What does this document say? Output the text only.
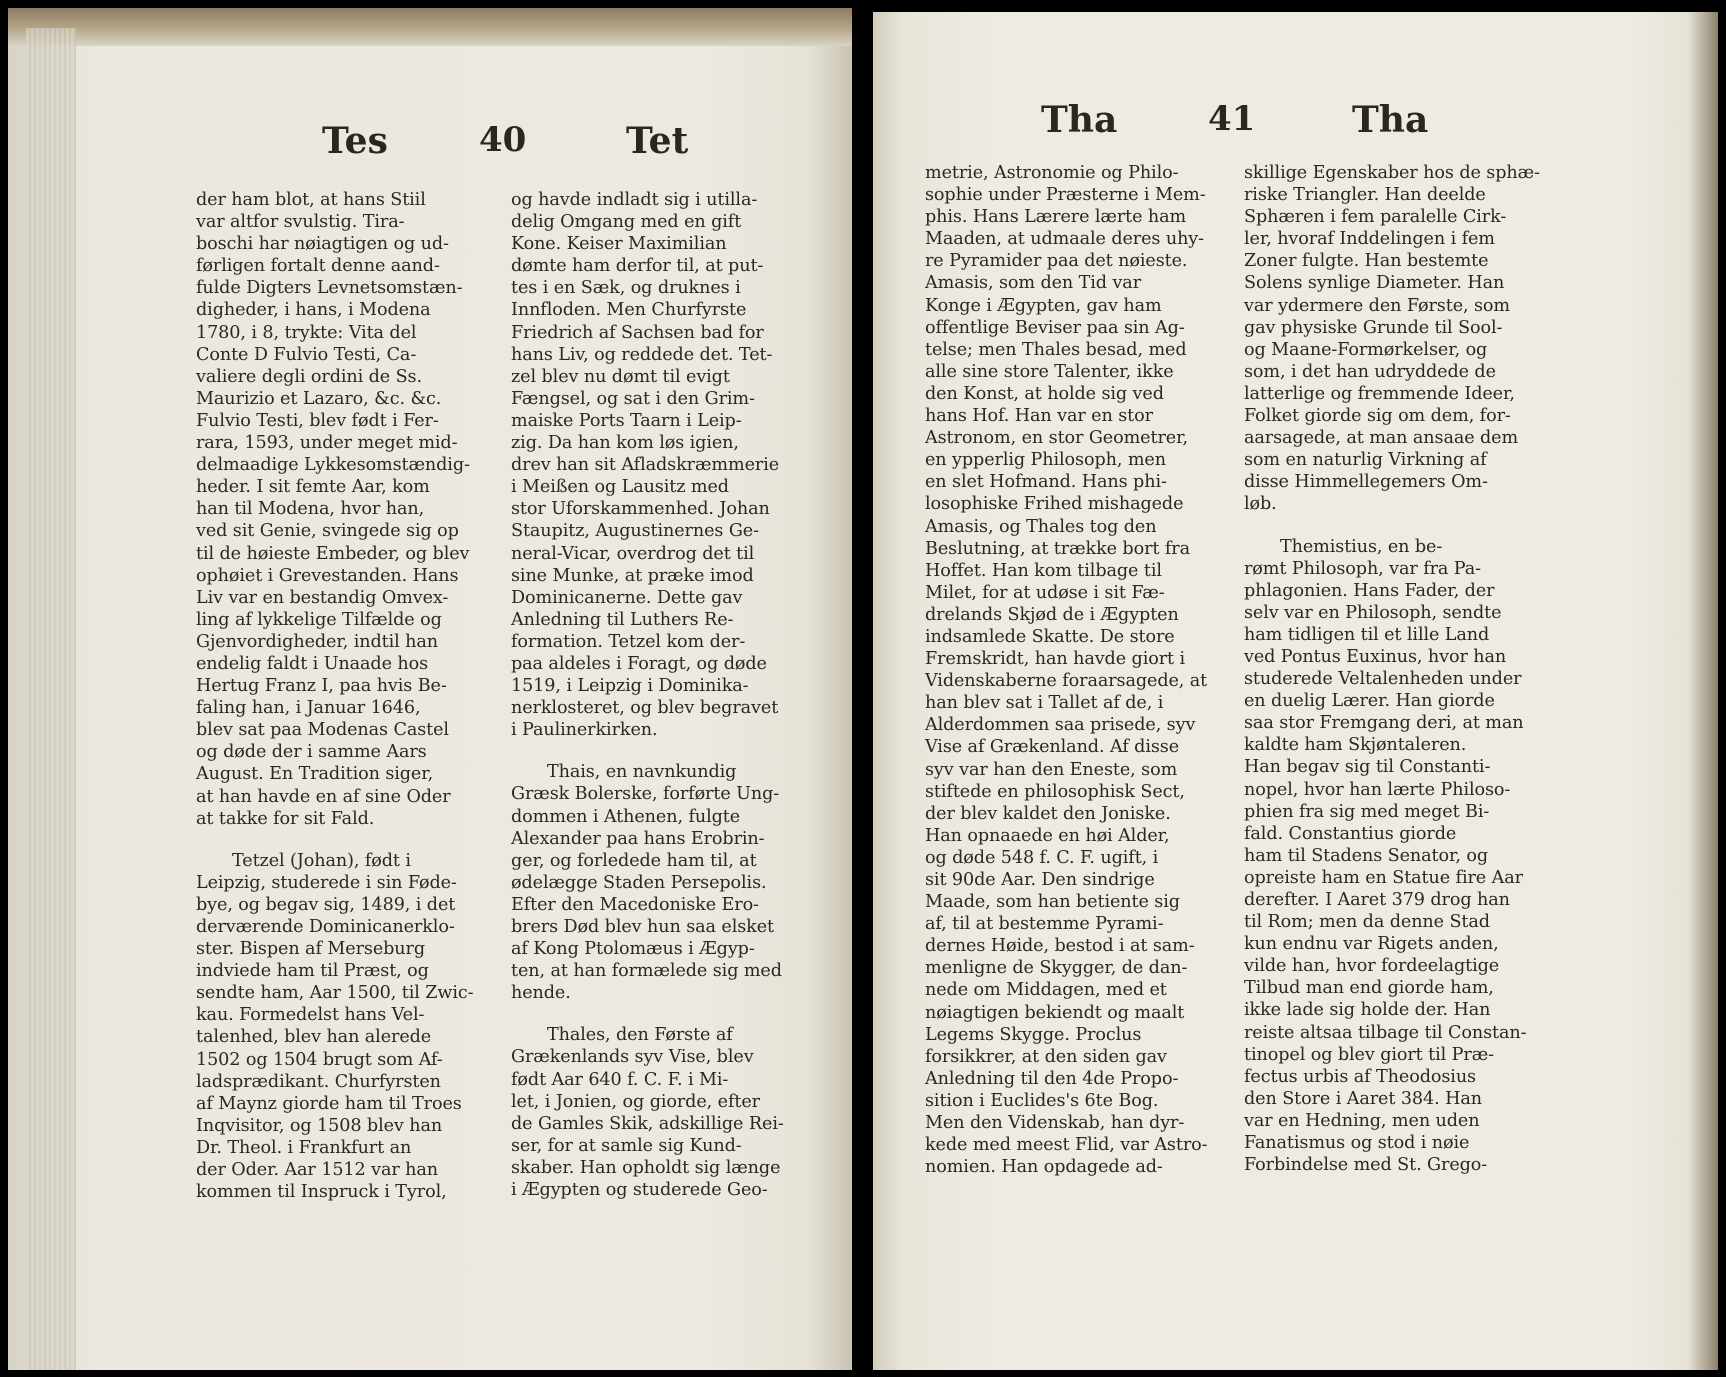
Tes	40	Tet

der ham blot, at hans Stiil
var altfor svulstig. Tira-
boschi har nøiagtigen og ud-
førligen fortalt denne aand-
fulde Digters Levnetsomstæn-
digheder, i hans, i Modena
1780, i 8, trykte: Vita del
Conte D Fulvio Testi, Ca-
valiere degli ordini de Ss.
Maurizio et Lazaro, &c. &c.
Fulvio Testi, blev født i Fer-
rara, 1593, under meget mid-
delmaadige Lykkesomstændig-
heder. I sit femte Aar, kom
han til Modena, hvor han,
ved sit Genie, svingede sig op
til de høieste Embeder, og blev
ophøiet i Grevestanden. Hans
Liv var en bestandig Omvex-
ling af lykkelige Tilfælde og
Gjenvordigheder, indtil han
endelig faldt i Unaade hos
Hertug Franz I, paa hvis Be-
faling han, i Januar 1646,
blev sat paa Modenas Castel
og døde der i samme Aars
August. En Tradition siger,
at han havde en af sine Oder
at takke for sit Fald.

Tetzel (Johan), født i
Leipzig, studerede i sin Føde-
bye, og begav sig, 1489, i det
derværende Dominicanerklo-
ster. Bispen af Merseburg
indviede ham til Præst, og
sendte ham, Aar 1500, til Zwic-
kau. Formedelst hans Vel-
talenhed, blev han aleredе
1502 og 1504 brugt som Af-
ladsprædikant. Churfyrsten
af Maynz giorde ham til Troes
Inqvisitor, og 1508 blev han
Dr. Theol. i Frankfurt an
der Oder. Aar 1512 var han
kommen til Inspruck i Tyrol,

og havde indladt sig i utilla-
delig Omgang med en gift
Kone. Keiser Maximilian
dømte ham derfor til, at put-
tes i en Sæk, og druknes i
Innfloden. Men Churfyrste
Friedrich af Sachsen bad for
hans Liv, og reddede det. Tet-
zel blev nu dømt til evigt
Fængsel, og sat i den Grim-
maiske Ports Taarn i Leip-
zig. Da han kom løs igien,
drev han sit Afladskræmmerie
i Meißen og Lausitz med
stor Uforskammenhed. Johan
Staupitz, Augustinernes Ge-
neral-Vicar, overdrog det til
sine Munke, at præke imod
Dominicanerne. Dette gav
Anledning til Luthers Re-
formation. Tetzel kom der-
paa aldeles i Foragt, og døde
1519, i Leipzig i Dominika-
nerklosteret, og blev begravet
i Paulinerkirken.

Thais, en navnkundig
Græsk Bolerske, forførte Ung-
dommen i Athenen, fulgte
Alexander paa hans Erobrin-
ger, og forledede ham til, at
ødelægge Staden Persepolis.
Efter den Macedoniske Ero-
brers Død blev hun saa elsket
af Kong Ptolomæus i Ægyp-
ten, at han formælede sig med
hende.

Thales, den Første af
Grækenlands syv Vise, blev
født Aar 640 f. C. F. i Mi-
let, i Jonien, og giorde, efter
de Gamles Skik, adskillige Rei-
ser, for at samle sig Kund-
skaber. Han opholdt sig længe
i Ægypten og studerede Geo-

Tha	41	Tha

metrie, Astronomie og Philo-
sophie under Præsterne i Mem-
phis. Hans Lærere lærte ham
Maaden, at udmaale deres uhy-
re Pyramider paa det nøieste.
Amasis, som den Tid var
Konge i Ægypten, gav ham
offentlige Beviser paa sin Ag-
telse; men Thales besad, med
alle sine store Talenter, ikke
den Konst, at holde sig ved
hans Hof. Han var en stor
Astronom, en stor Geometrer,
en ypperlig Philosoph, men
en slet Hofmand. Hans phi-
losophiske Frihed mishagede
Amasis, og Thales tog den
Beslutning, at trække bort fra
Hoffet. Han kom tilbage til
Milet, for at udøse i sit Fæ-
drelands Skjød de i Ægypten
indsamlede Skatte. De store
Fremskridt, han havde giort i
Videnskaberne foraarsagede, at
han blev sat i Tallet af de, i
Alderdommen saa prisede, syv
Vise af Grækenland. Af disse
syv var han den Eneste, som
stiftede en philosophisk Sect,
der blev kaldet den Joniske.
Han opnaaede en høi Alder,
og døde 548 f. C. F. ugift, i
sit 90de Aar. Den sindrige
Maade, som han betiente sig
af, til at bestemme Pyrami-
dernes Høide, bestod i at sam-
menligne de Skygger, de dan-
nede om Middagen, med et
nøiagtigen bekiendt og maalt
Legems Skygge. Proclus
forsikkrer, at den siden gav
Anledning til den 4de Propo-
sition i Euclides's 6te Bog.
Men den Videnskab, han dyr-
kede med meest Flid, var Astro-
nomien. Han opdagede ad-

skillige Egenskaber hos de sphæ-
riske Triangler. Han deelde
Sphæren i fem paralelle Cirk-
ler, hvoraf Inddelingen i fem
Zoner fulgte. Han bestemte
Solens synlige Diameter. Han
var ydermere den Første, som
gav physiske Grunde til Sool-
og Maane-Formørkelser, og
som, i det han udryddede de
latterlige og fremmende Ideer,
Folket giorde sig om dem, for-
aarsagede, at man ansaae dem
som en naturlig Virkning af
disse Himmellegemers Om-
løb.

Themistius, en be-
rømt Philosoph, var fra Pa-
phlagonien. Hans Fader, der
selv var en Philosoph, sendte
ham tidligen til et lille Land
ved Pontus Euxinus, hvor han
studerede Veltalenheden under
en duelig Lærer. Han giorde
saa stor Fremgang deri, at man
kaldte ham Skjøntaleren.
Han begav sig til Constanti-
nopel, hvor han lærte Philoso-
phien fra sig med meget Bi-
fald. Constantius giorde
ham til Stadens Senator, og
opreiste ham en Statue fire Aar
derefter. I Aaret 379 drog han
til Rom; men da denne Stad
kun endnu var Rigets anden,
vilde han, hvor fordeelagtige
Tilbud man end giorde ham,
ikke lade sig holde der. Han
reiste altsaa tilbage til Constan-
tinopel og blev giort til Præ-
fectus urbis af Theodosius
den Store i Aaret 384. Han
var en Hedning, men uden
Fanatismus og stod i nøie
Forbindelse med St. Grego-
